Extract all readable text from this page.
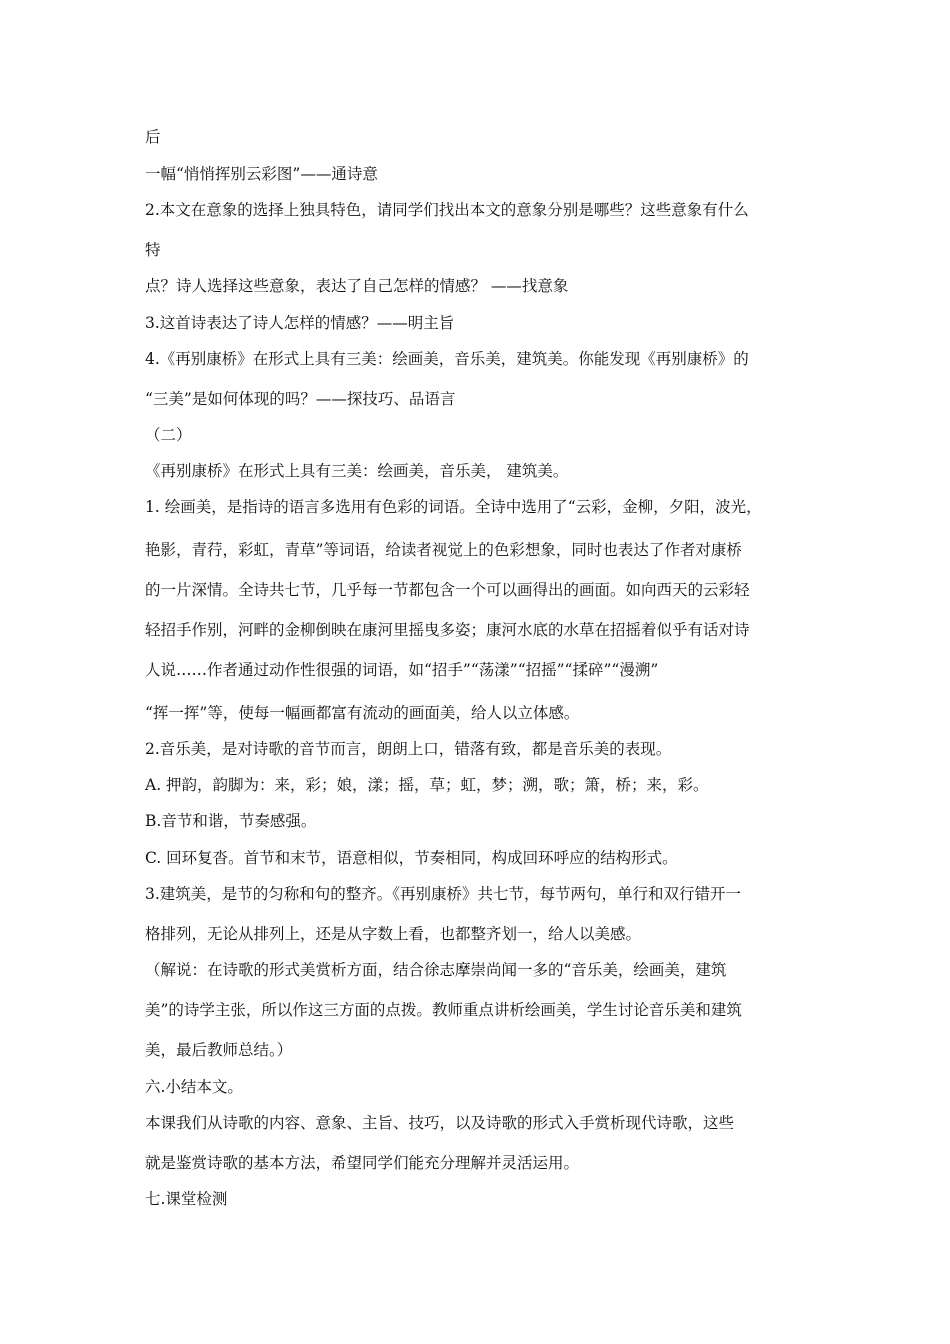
后
一幅“悄悄挥别云彩图”——通诗意
2.本文在意象的选择上独具特色，请同学们找出本文的意象分别是哪些？这些意象有什么
特
点？诗人选择这些意象，表达了自己怎样的情感？ ——找意象
3.这首诗表达了诗人怎样的情感？——明主旨
4.《再别康桥》在形式上具有三美：绘画美，音乐美，建筑美。你能发现《再别康桥》的
“三美”是如何体现的吗？——探技巧、品语言
（二）
《再别康桥》在形式上具有三美：绘画美，音乐美， 建筑美。
1. 绘画美，是指诗的语言多选用有色彩的词语。全诗中选用了“云彩，金柳，夕阳，波光，
艳影，青荇，彩虹，青草”等词语，给读者视觉上的色彩想象，同时也表达了作者对康桥
的一片深情。全诗共七节，几乎每一节都包含一个可以画得出的画面。如向西天的云彩轻
轻招手作别，河畔的金柳倒映在康河里摇曳多姿；康河水底的水草在招摇着似乎有话对诗
人说……作者通过动作性很强的词语，如“招手”“荡漾”“招摇”“揉碎”“漫溯”
“挥一挥”等，使每一幅画都富有流动的画面美，给人以立体感。
2.音乐美，是对诗歌的音节而言，朗朗上口，错落有致，都是音乐美的表现。
A. 押韵，韵脚为：来，彩；娘，漾；摇，草；虹，梦；溯，歌；箫，桥；来，彩。
B.音节和谐，节奏感强。
C. 回环复沓。首节和末节，语意相似，节奏相同，构成回环呼应的结构形式。
3.建筑美，是节的匀称和句的整齐。《再别康桥》共七节，每节两句，单行和双行错开一
格排列，无论从排列上，还是从字数上看，也都整齐划一，给人以美感。
（解说：在诗歌的形式美赏析方面，结合徐志摩崇尚闻一多的“音乐美，绘画美，建筑
美”的诗学主张，所以作这三方面的点拨。教师重点讲析绘画美，学生讨论音乐美和建筑
美，最后教师总结。）
六.小结本文。
本课我们从诗歌的内容、意象、主旨、技巧，以及诗歌的形式入手赏析现代诗歌，这些
就是鉴赏诗歌的基本方法，希望同学们能充分理解并灵活运用。
七.课堂检测
